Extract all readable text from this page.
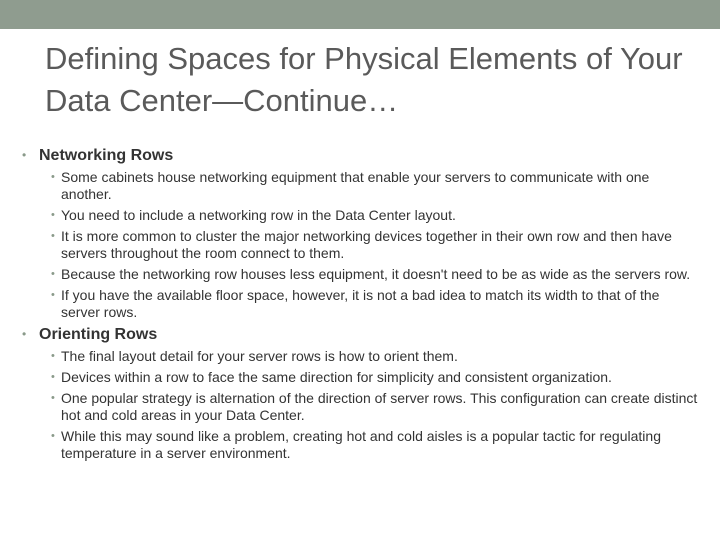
Defining Spaces for Physical Elements of Your Data Center—Continue…
• Networking Rows
• Some cabinets house networking equipment that enable your servers to communicate with one another.
• You need to include a networking row in the Data Center layout.
• It is more common to cluster the major networking devices together in their own row and then have servers throughout the room connect to them.
• Because the networking row houses less equipment, it doesn't need to be as wide as the servers row.
• If you have the available floor space, however, it is not a bad idea to match its width to that of the server rows.
• Orienting Rows
• The final layout detail for your server rows is how to orient them.
• Devices within a row to face the same direction for simplicity and consistent organization.
• One popular strategy is alternation of the direction of server rows. This configuration can create distinct hot and cold areas in your Data Center.
• While this may sound like a problem, creating hot and cold aisles is a popular tactic for regulating temperature in a server environment.
